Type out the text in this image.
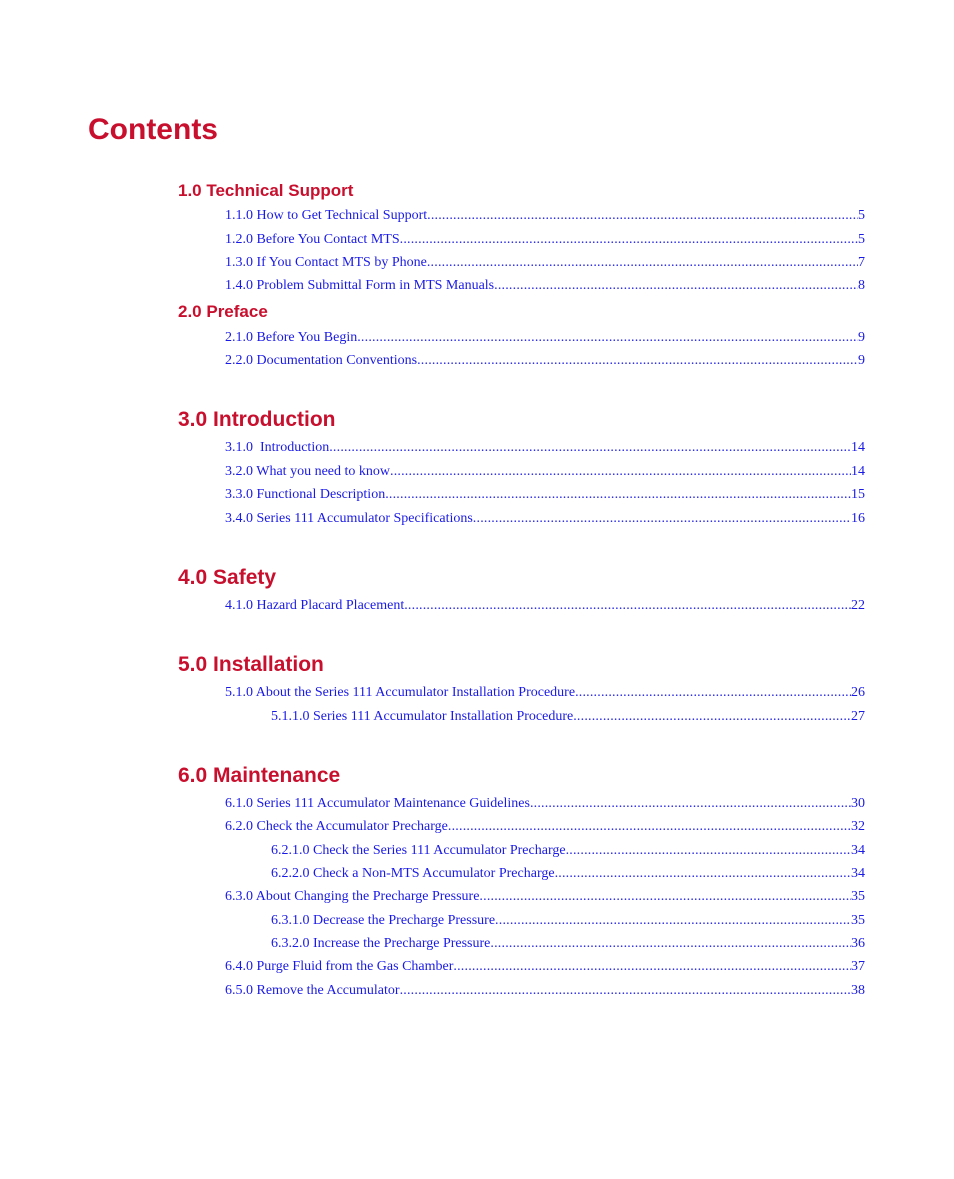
Contents
1.0 Technical Support
1.1.0 How to Get Technical Support .....	5
1.2.0 Before You Contact MTS .....	5
1.3.0 If You Contact MTS by Phone .....	7
1.4.0 Problem Submittal Form in MTS Manuals .....	8
2.0 Preface
2.1.0 Before You Begin .....	9
2.2.0 Documentation Conventions .....	9
3.0 Introduction
3.1.0  Introduction .....	14
3.2.0 What you need to know .....	14
3.3.0 Functional Description .....	15
3.4.0 Series 111 Accumulator Specifications .....	16
4.0 Safety
4.1.0 Hazard Placard Placement .....	22
5.0 Installation
5.1.0 About the Series 111 Accumulator Installation Procedure .....	26
5.1.1.0 Series 111 Accumulator Installation Procedure .....	27
6.0 Maintenance
6.1.0 Series 111 Accumulator Maintenance Guidelines .....	30
6.2.0 Check the Accumulator Precharge .....	32
6.2.1.0 Check the Series 111 Accumulator Precharge .....	34
6.2.2.0 Check a Non-MTS Accumulator Precharge .....	34
6.3.0 About Changing the Precharge Pressure .....	35
6.3.1.0 Decrease the Precharge Pressure .....	35
6.3.2.0 Increase the Precharge Pressure .....	36
6.4.0 Purge Fluid from the Gas Chamber .....	37
6.5.0 Remove the Accumulator .....	38
